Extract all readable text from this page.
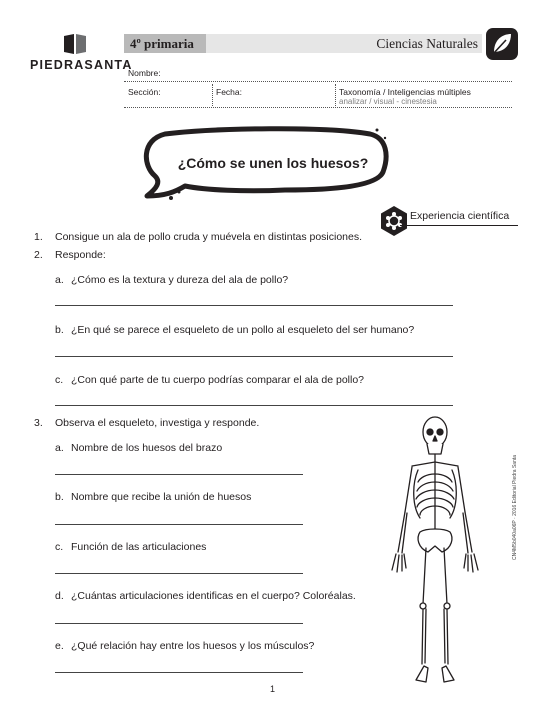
PIEDRASANTA
4º primaria	Ciencias Naturales
Nombre:
Sección:	Fecha:	Taxonomía / Inteligencias múltiples
analizar / visual - cinestesia
¿Cómo se unen los huesos?
Experiencia científica
1. Consigue un ala de pollo cruda y muévela en distintas posiciones.
2. Responde:
a. ¿Cómo es la textura y dureza del ala de pollo?
b. ¿En qué se parece el esqueleto de un pollo al esqueleto del ser humano?
c. ¿Con qué parte de tu cuerpo podrías comparar el ala de pollo?
3. Observa el esqueleto, investiga y responde.
a. Nombre de los huesos del brazo
b. Nombre que recibe la unión de huesos
c. Función de las articulaciones
d. ¿Cuántas articulaciones identificas en el cuerpo? Coloréalas.
e. ¿Qué relación hay entre los huesos y los músculos?
CN4M5b040a06P · 2016 Editorial Piedra Santa
1
